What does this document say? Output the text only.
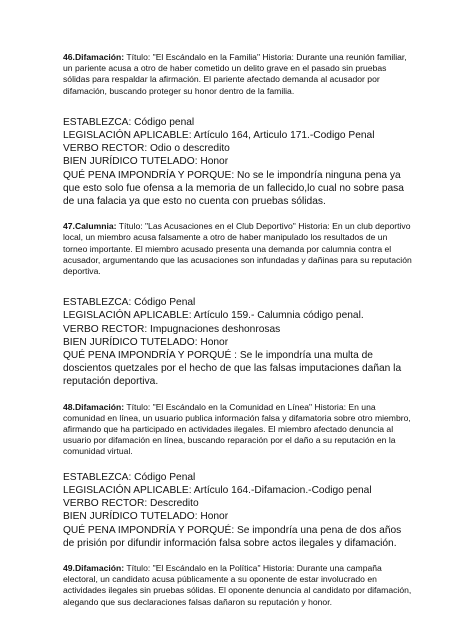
46.Difamación: Título: "El Escándalo en la Familia" Historia: Durante una reunión familiar, un pariente acusa a otro de haber cometido un delito grave en el pasado sin pruebas sólidas para respaldar la afirmación. El pariente afectado demanda al acusador por difamación, buscando proteger su honor dentro de la familia.

ESTABLEZCA: Código penal
LEGISLACIÓN APLICABLE: Artículo 164, Articulo 171.-Codigo Penal
VERBO RECTOR: Odio o descredito
BIEN JURÍDICO TUTELADO: Honor
QUÉ PENA IMPONDRÍA Y PORQUE: No se le impondría ninguna pena ya que esto solo fue ofensa a la memoria de un fallecido,lo cual no sobre pasa de una falacia ya que esto no cuenta con pruebas sólidas.

47.Calumnia: Título: "Las Acusaciones en el Club Deportivo" Historia: En un club deportivo local, un miembro acusa falsamente a otro de haber manipulado los resultados de un torneo importante. El miembro acusado presenta una demanda por calumnia contra el acusador, argumentando que las acusaciones son infundadas y dañinas para su reputación deportiva.

ESTABLEZCA: Código Penal
LEGISLACIÓN APLICABLE: Artículo 159.- Calumnia código penal.
VERBO RECTOR: Impugnaciones deshonrosas
BIEN JURÍDICO TUTELADO: Honor
QUÉ PENA IMPONDRÍA Y PORQUÉ : Se le impondría una multa de doscientos quetzales por el hecho de que las falsas imputaciones dañan la reputación deportiva.

48.Difamación: Título: "El Escándalo en la Comunidad en Línea" Historia: En una comunidad en línea, un usuario publica información falsa y difamatoria sobre otro miembro, afirmando que ha participado en actividades ilegales. El miembro afectado denuncia al usuario por difamación en línea, buscando reparación por el daño a su reputación en la comunidad virtual.

ESTABLEZCA: Código Penal
LEGISLACIÓN APLICABLE: Artículo 164.-Difamacion.-Codigo penal
VERBO RECTOR: Descredito
BIEN JURÍDICO TUTELADO: Honor
QUÉ PENA IMPONDRÍA Y PORQUÉ: Se impondría una pena de dos años de prisión por difundir información falsa sobre actos ilegales y difamación.

49.Difamación: Título: "El Escándalo en la Política" Historia: Durante una campaña electoral, un candidato acusa públicamente a su oponente de estar involucrado en actividades ilegales sin pruebas sólidas. El oponente denuncia al candidato por difamación, alegando que sus declaraciones falsas dañaron su reputación y honor.
